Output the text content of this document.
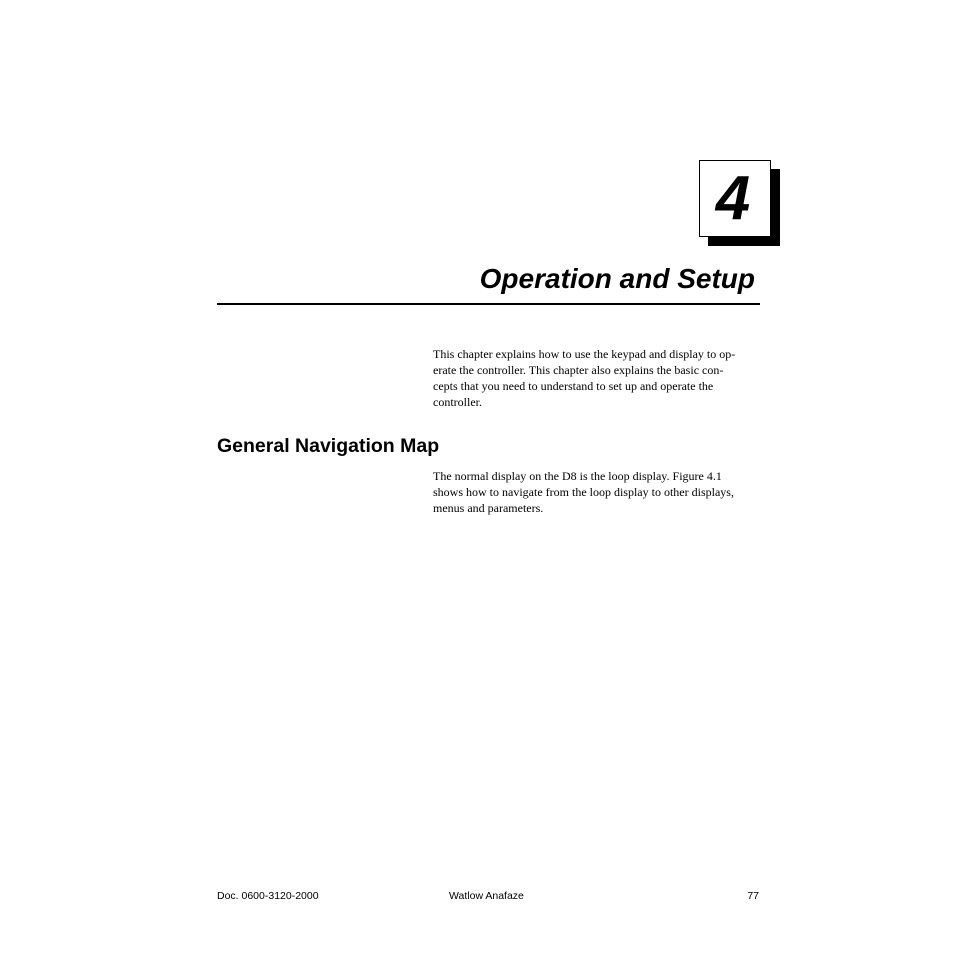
4
Operation and Setup

This chapter explains how to use the keypad and display to op-
erate the controller. This chapter also explains the basic con-
cepts that you need to understand to set up and operate the
controller.

General Navigation Map

The normal display on the D8 is the loop display. Figure 4.1
shows how to navigate from the loop display to other displays,
menus and parameters.

Doc. 0600-3120-2000	Watlow Anafaze	77
